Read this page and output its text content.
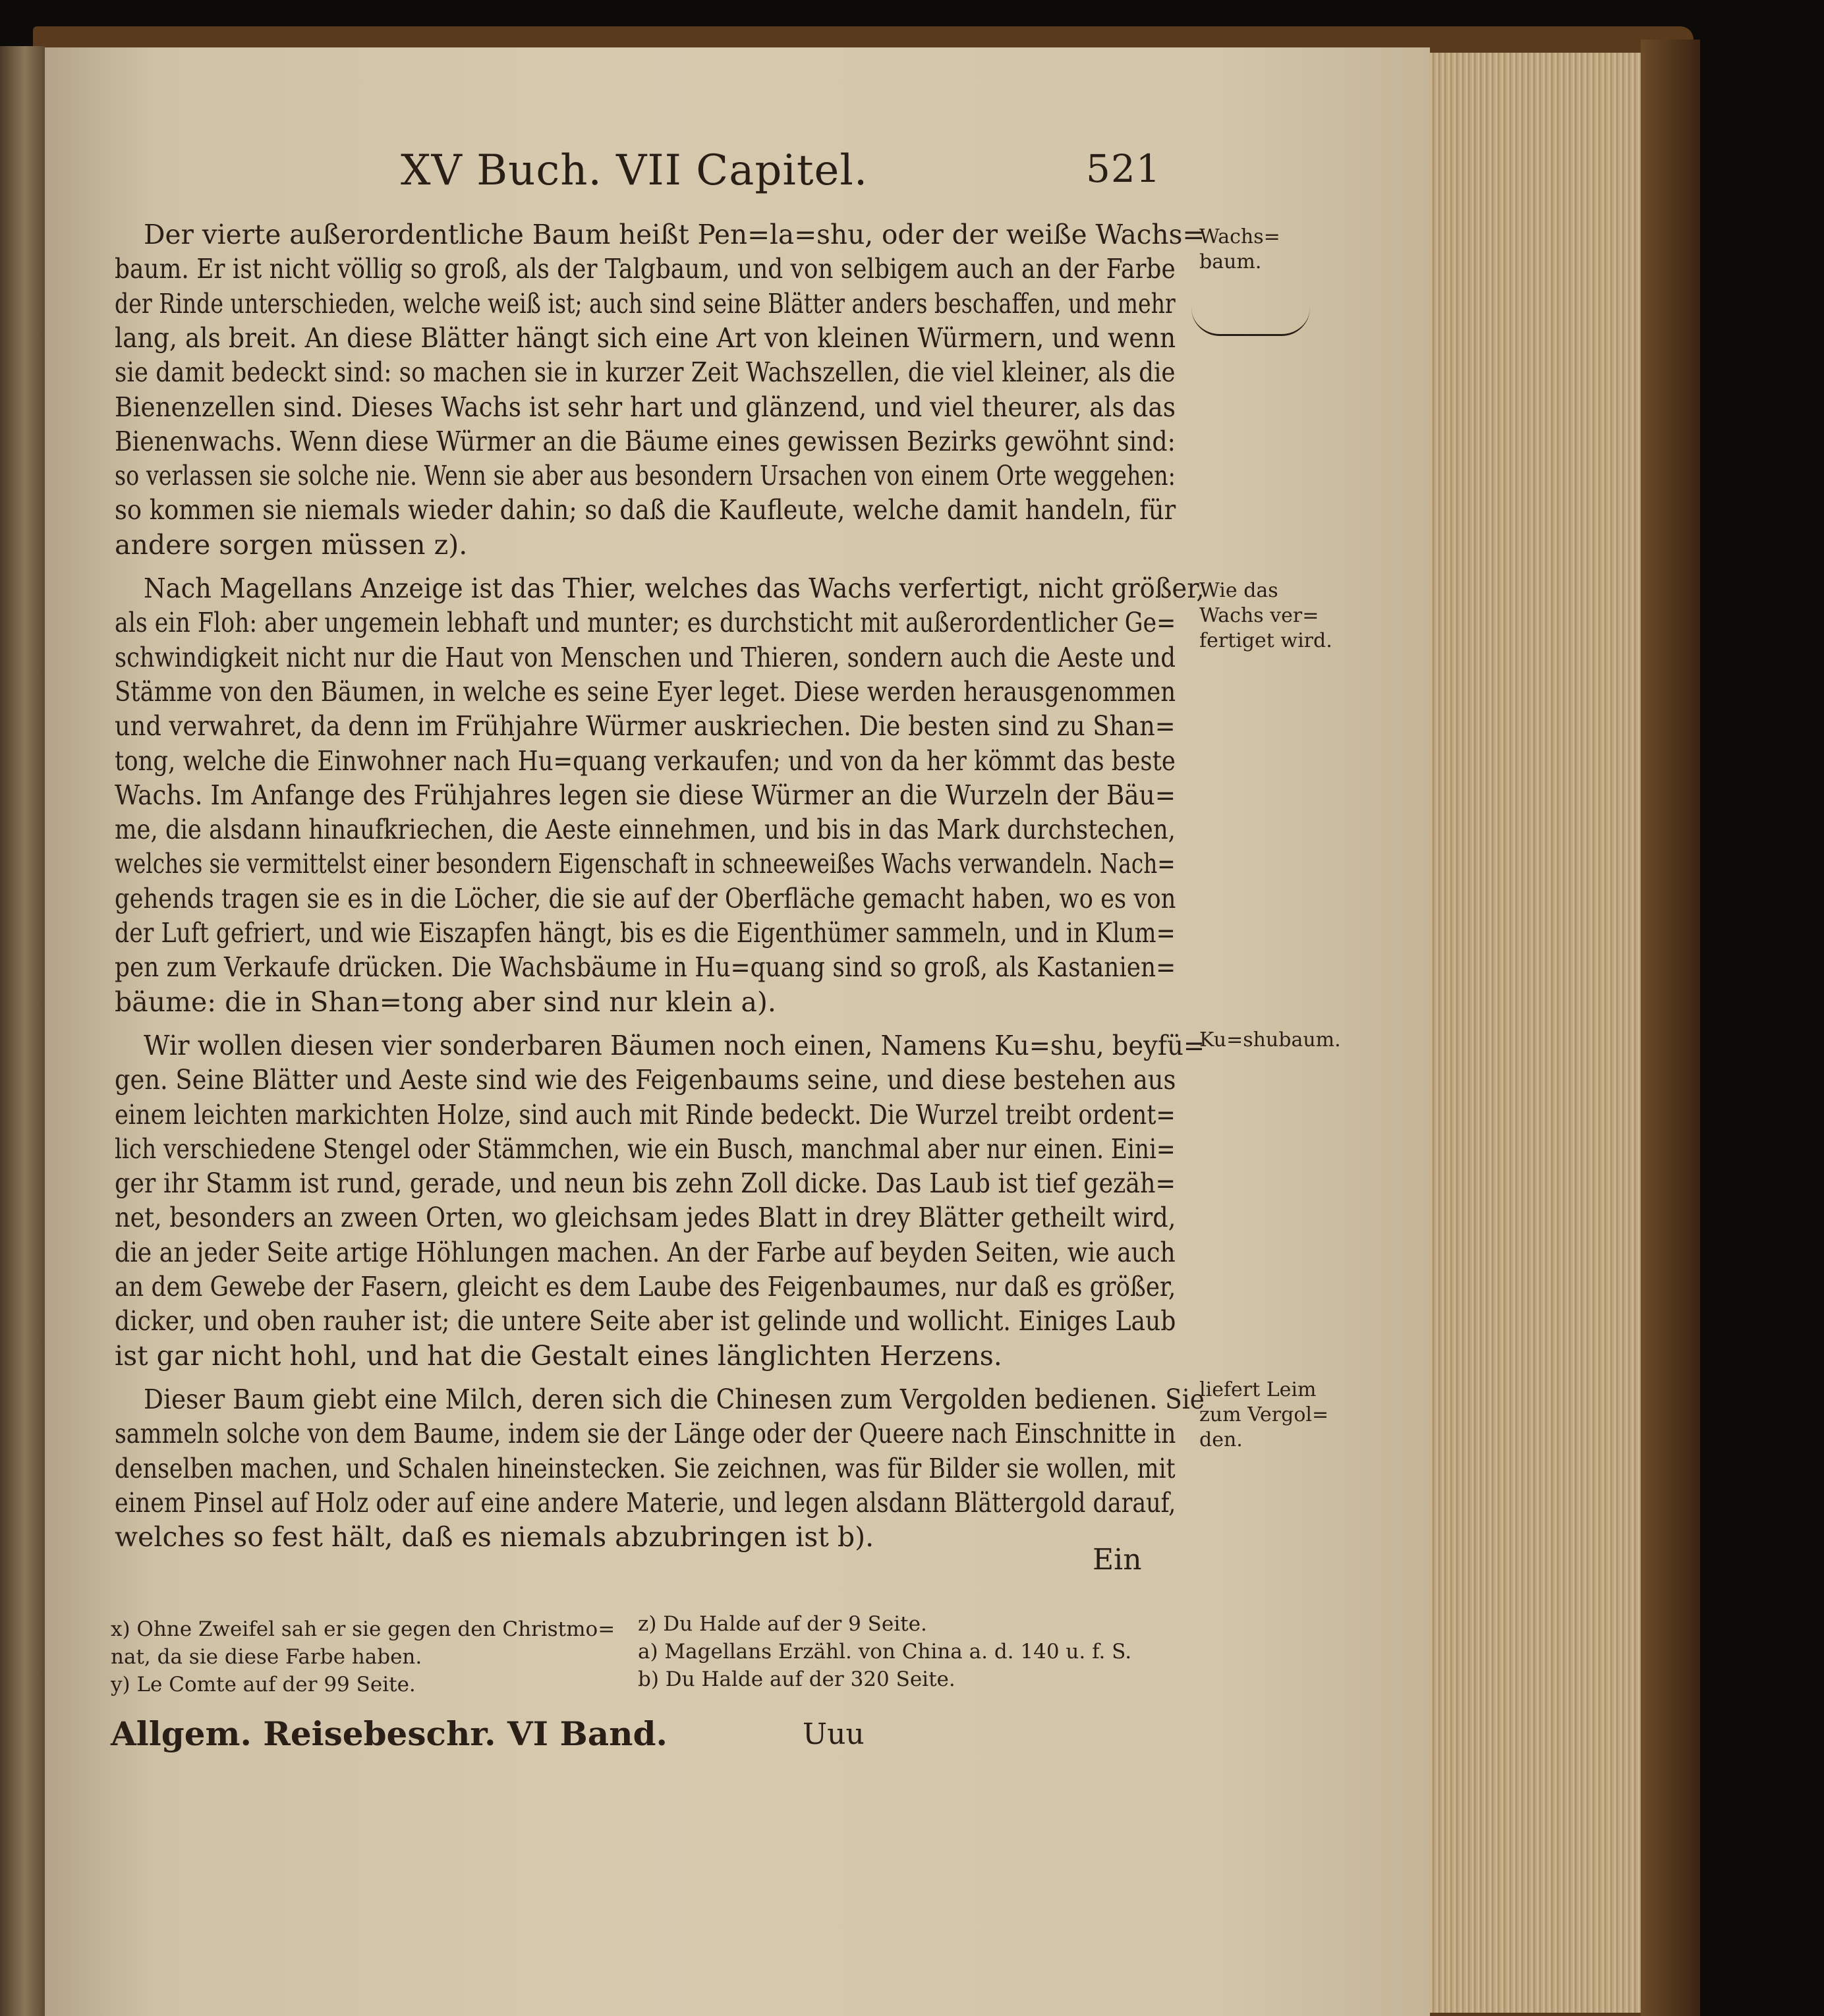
XV Buch. VII Capitel.	521
Der vierte außerordentliche Baum heißt Pen=la=shu, oder der weiße Wachs=
baum. Er ist nicht völlig so groß, als der Talgbaum, und von selbigem auch an der Farbe
der Rinde unterschieden, welche weiß ist; auch sind seine Blätter anders beschaffen, und mehr
lang, als breit. An diese Blätter hängt sich eine Art von kleinen Würmern, und wenn
sie damit bedeckt sind: so machen sie in kurzer Zeit Wachszellen, die viel kleiner, als die
Bienenzellen sind. Dieses Wachs ist sehr hart und glänzend, und viel theurer, als das
Bienenwachs. Wenn diese Würmer an die Bäume eines gewissen Bezirks gewöhnt sind:
so verlassen sie solche nie. Wenn sie aber aus besondern Ursachen von einem Orte weggehen:
so kommen sie niemals wieder dahin; so daß die Kaufleute, welche damit handeln, für
andere sorgen müssen z).
Nach Magellans Anzeige ist das Thier, welches das Wachs verfertigt, nicht größer,
als ein Floh: aber ungemein lebhaft und munter; es durchsticht mit außerordentlicher Ge=
schwindigkeit nicht nur die Haut von Menschen und Thieren, sondern auch die Aeste und
Stämme von den Bäumen, in welche es seine Eyer leget. Diese werden herausgenommen
und verwahret, da denn im Frühjahre Würmer auskriechen. Die besten sind zu Shan=
tong, welche die Einwohner nach Hu=quang verkaufen; und von da her kömmt das beste
Wachs. Im Anfange des Frühjahres legen sie diese Würmer an die Wurzeln der Bäu=
me, die alsdann hinaufkriechen, die Aeste einnehmen, und bis in das Mark durchstechen,
welches sie vermittelst einer besondern Eigenschaft in schneeweißes Wachs verwandeln. Nach=
gehends tragen sie es in die Löcher, die sie auf der Oberfläche gemacht haben, wo es von
der Luft gefriert, und wie Eiszapfen hängt, bis es die Eigenthümer sammeln, und in Klum=
pen zum Verkaufe drücken. Die Wachsbäume in Hu=quang sind so groß, als Kastanien=
bäume: die in Shan=tong aber sind nur klein a).
Wir wollen diesen vier sonderbaren Bäumen noch einen, Namens Ku=shu, beyfü=
gen. Seine Blätter und Aeste sind wie des Feigenbaums seine, und diese bestehen aus
einem leichten markichten Holze, sind auch mit Rinde bedeckt. Die Wurzel treibt ordent=
lich verschiedene Stengel oder Stämmchen, wie ein Busch, manchmal aber nur einen. Eini=
ger ihr Stamm ist rund, gerade, und neun bis zehn Zoll dicke. Das Laub ist tief gezäh=
net, besonders an zween Orten, wo gleichsam jedes Blatt in drey Blätter getheilt wird,
die an jeder Seite artige Höhlungen machen. An der Farbe auf beyden Seiten, wie auch
an dem Gewebe der Fasern, gleicht es dem Laube des Feigenbaumes, nur daß es größer,
dicker, und oben rauher ist; die untere Seite aber ist gelinde und wollicht. Einiges Laub
ist gar nicht hohl, und hat die Gestalt eines länglichten Herzens.
Dieser Baum giebt eine Milch, deren sich die Chinesen zum Vergolden bedienen. Sie
sammeln solche von dem Baume, indem sie der Länge oder der Queere nach Einschnitte in
denselben machen, und Schalen hineinstecken. Sie zeichnen, was für Bilder sie wollen, mit
einem Pinsel auf Holz oder auf eine andere Materie, und legen alsdann Blättergold darauf,
welches so fest hält, daß es niemals abzubringen ist b).
Ein
Wachs=
baum.
Wie das
Wachs ver=
fertiget wird.
Ku=shubaum.
liefert Leim
zum Vergol=
den.
x) Ohne Zweifel sah er sie gegen den Christmo=
nat, da sie diese Farbe haben.
y) Le Comte auf der 99 Seite.
z) Du Halde auf der 9 Seite.
a) Magellans Erzähl. von China a. d. 140 u. f. S.
b) Du Halde auf der 320 Seite.
Allgem. Reisebeschr. VI Band.	Uuu
